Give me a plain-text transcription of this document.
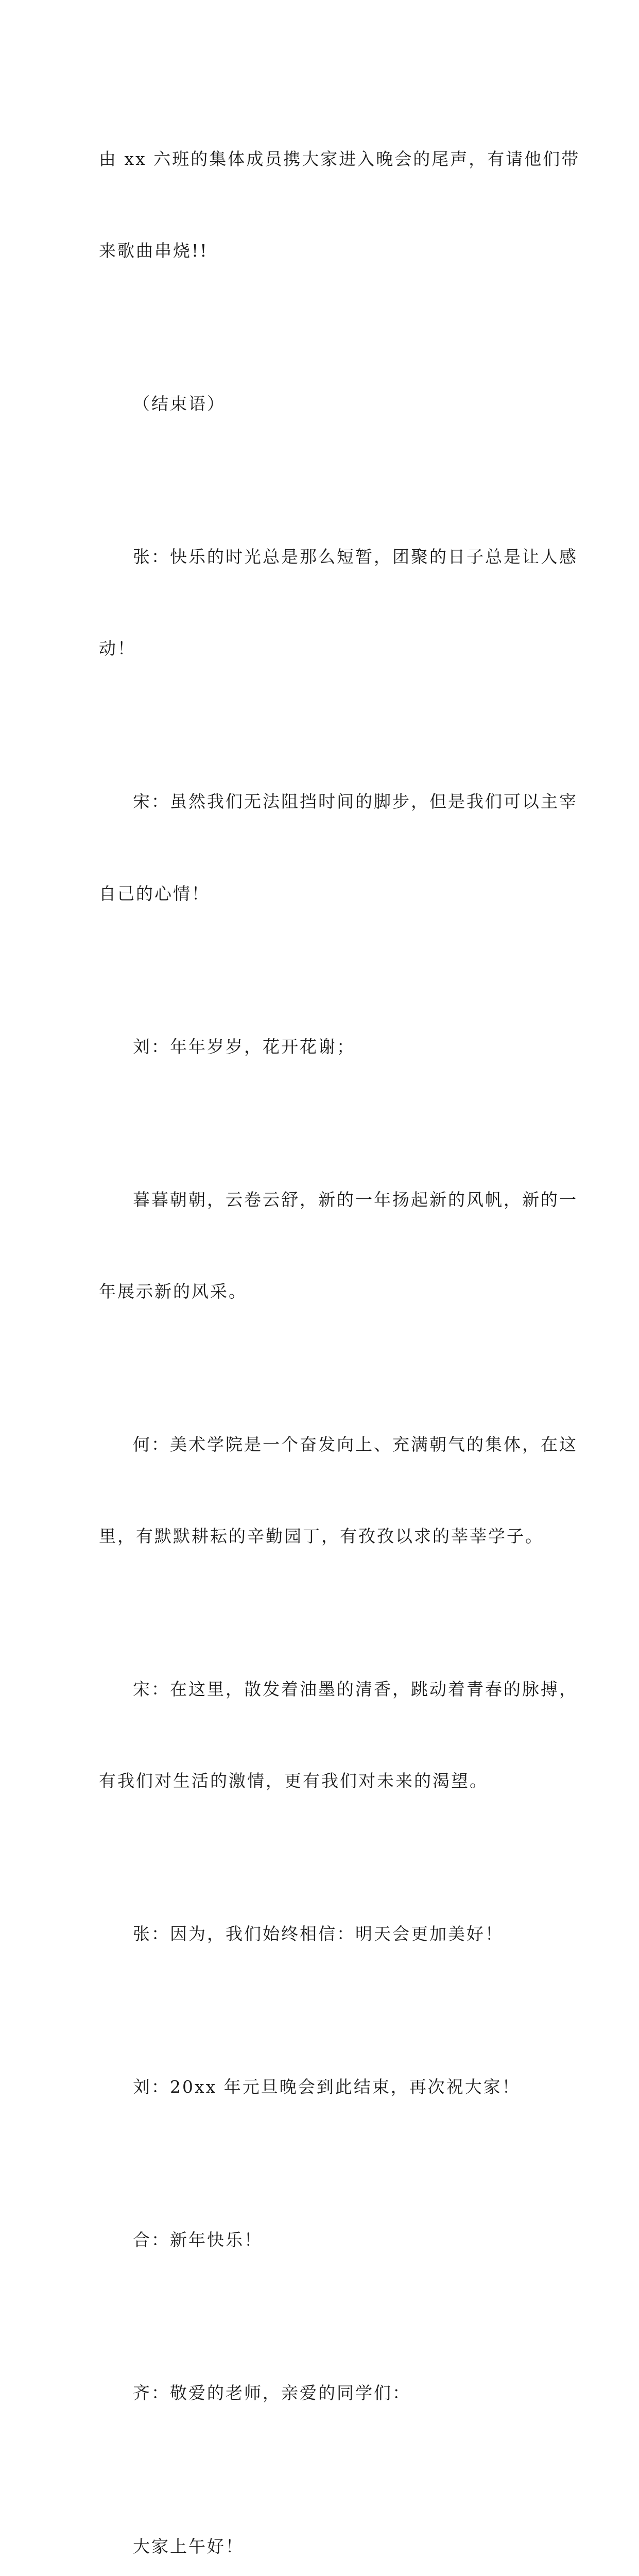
由 xx 六班的集体成员携大家进入晚会的尾声，有请他们带

来歌曲串烧!!

（结束语）

张：快乐的时光总是那么短暂，团聚的日子总是让人感

动！

宋：虽然我们无法阻挡时间的脚步，但是我们可以主宰

自己的心情！

刘：年年岁岁，花开花谢；

暮暮朝朝，云卷云舒，新的一年扬起新的风帆，新的一

年展示新的风采。

何：美术学院是一个奋发向上、充满朝气的集体，在这

里，有默默耕耘的辛勤园丁，有孜孜以求的莘莘学子。

宋：在这里，散发着油墨的清香，跳动着青春的脉搏，

有我们对生活的激情，更有我们对未来的渴望。

张：因为，我们始终相信：明天会更加美好！

刘：20xx 年元旦晚会到此结束，再次祝大家！

合：新年快乐！

齐：敬爱的老师，亲爱的同学们：

大家上午好！
